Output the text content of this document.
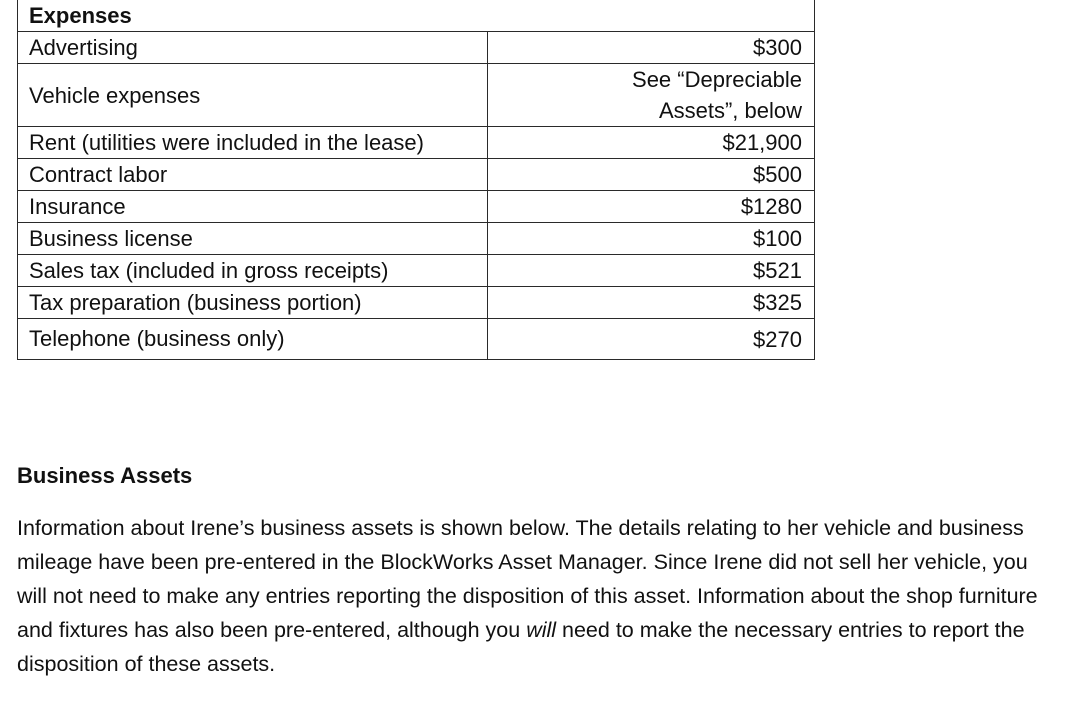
Expenses	
Advertising	$300
Vehicle expenses	See “Depreciable Assets”, below
Rent (utilities were included in the lease)	$21,900
Contract labor	$500
Insurance	$1280
Business license	$100
Sales tax (included in gross receipts)	$521
Tax preparation (business portion)	$325
Telephone (business only)	$270
Business Assets

Information about Irene’s business assets is shown below. The details relating to her vehicle and business mileage have been pre-entered in the BlockWorks Asset Manager. Since Irene did not sell her vehicle, you will not need to make any entries reporting the disposition of this asset. Information about the shop furniture and fixtures has also been pre-entered, although you will need to make the necessary entries to report the disposition of these assets.
